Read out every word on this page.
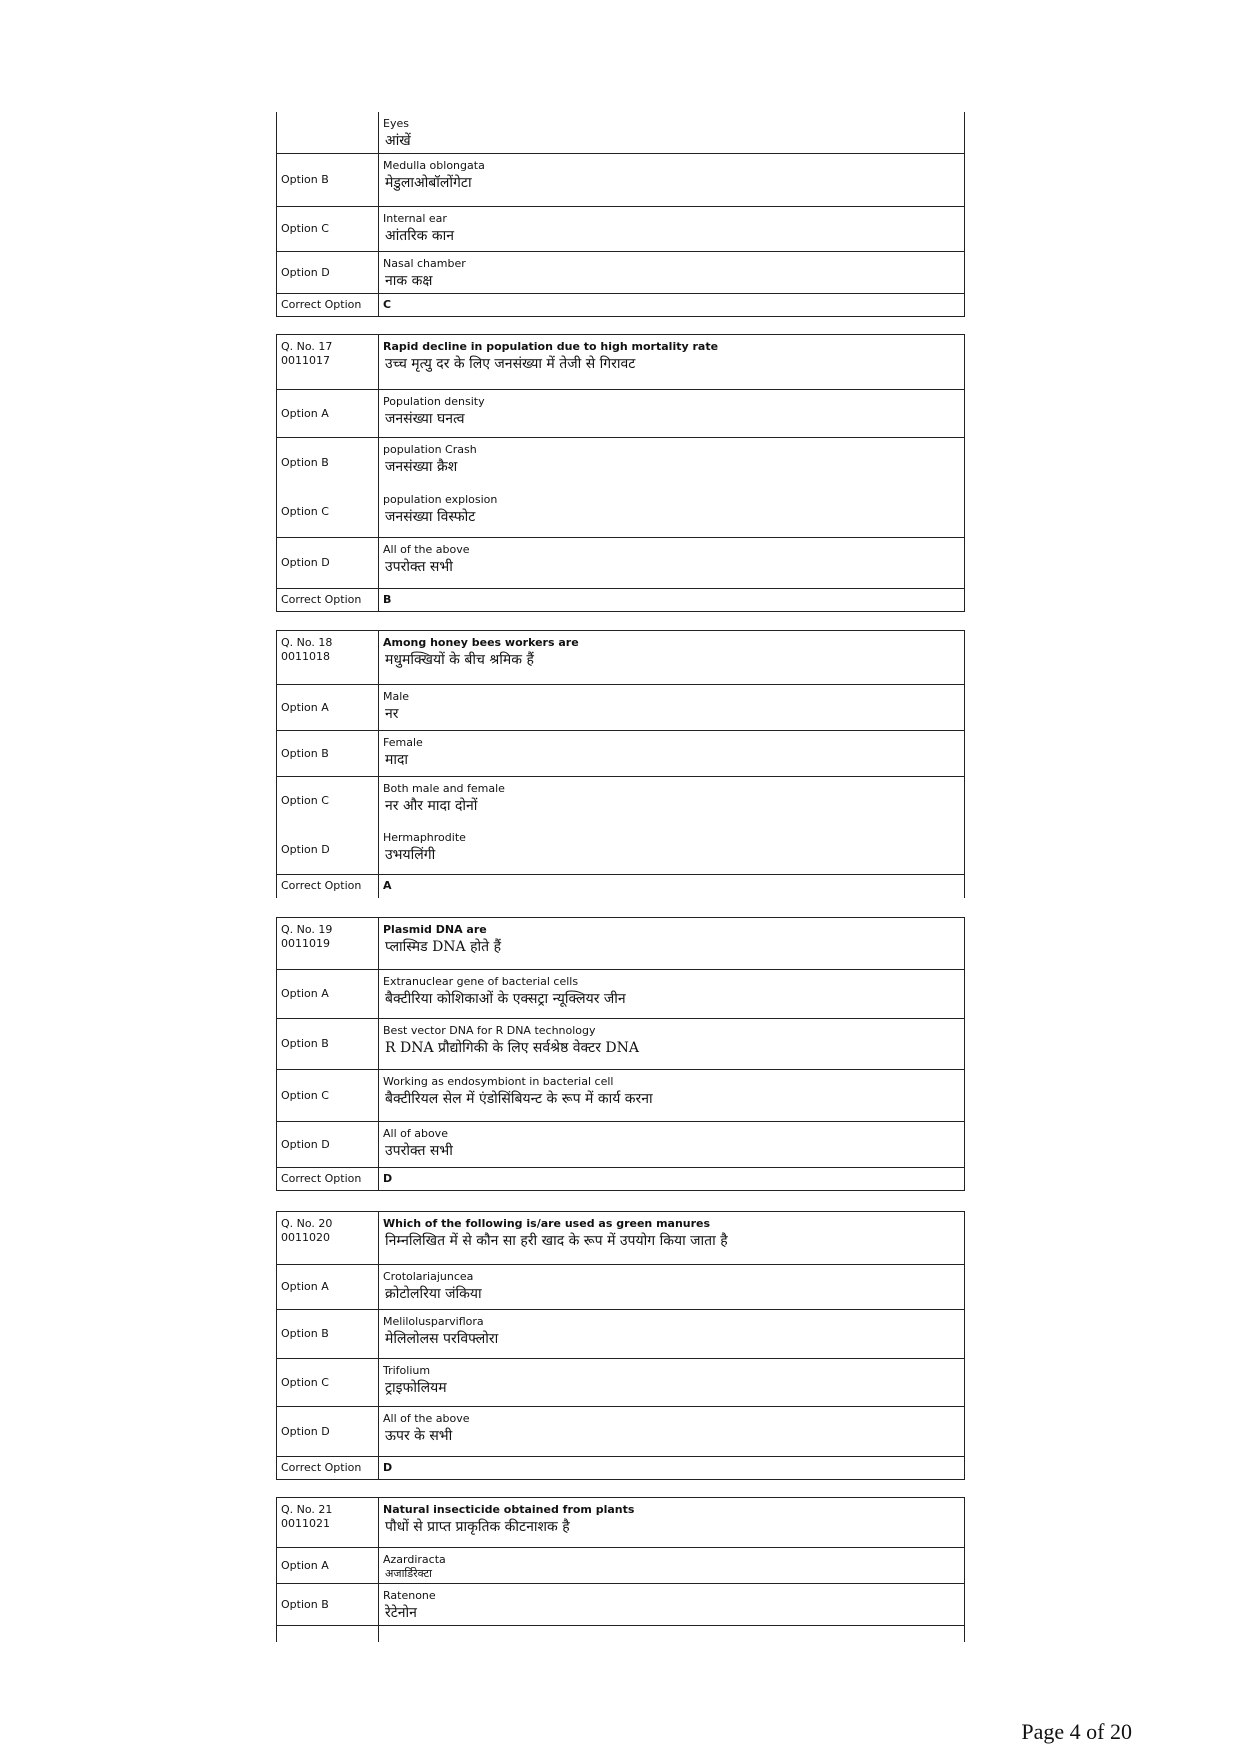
	Eyes
आंखें

Option B	Medulla oblongata
मेडुलाओबॉलोंगेटा

Option C	Internal ear
आंतरिक कान

Option D	Nasal chamber
नाक कक्ष

Correct Option	C
Q. No. 17
0011017	Rapid decline in population due to high mortality rate
उच्च मृत्यु दर के लिए जनसंख्या में तेजी से गिरावट

Option A	Population density
जनसंख्या घनत्व

Option B	population Crash
जनसंख्या क्रैश

Option C	population explosion
जनसंख्या विस्फोट

Option D	All of the above
उपरोक्त सभी

Correct Option	B
Q. No. 18
0011018	Among honey bees workers are
मधुमक्खियों के बीच श्रमिक हैं

Option A	Male
नर

Option B	Female
मादा

Option C	Both male and female
नर और मादा दोनों

Option D	Hermaphrodite
उभयलिंगी

Correct Option	A
Q. No. 19
0011019	Plasmid DNA are
प्लास्मिड DNA होते हैं

Option A	Extranuclear gene of bacterial cells
बैक्टीरिया कोशिकाओं के एक्सट्रा न्यूक्लियर जीन

Option B	Best vector DNA for R DNA technology
R DNA प्रौद्योगिकी के लिए सर्वश्रेष्ठ वेक्टर DNA

Option C	Working as endosymbiont in bacterial cell
बैक्टीरियल सेल में एंडोसिंबियन्ट के रूप में कार्य करना

Option D	All of above
उपरोक्त सभी

Correct Option	D
Q. No. 20
0011020	Which of the following is/are used as green manures
निम्नलिखित में से कौन सा हरी खाद के रूप में उपयोग किया जाता है

Option A	Crotolariajuncea
क्रोटोलरिया जंकिया

Option B	Melilolusparviflora
मेलिलोलस परविफ्लोरा

Option C	Trifolium
ट्राइफोलियम

Option D	All of the above
ऊपर के सभी

Correct Option	D
Q. No. 21
0011021	Natural insecticide obtained from plants
पौधों से प्राप्त प्राकृतिक कीटनाशक है

Option A	Azardiracta
अजार्डिरेक्टा

Option B	Ratenone
रेटेनोन

Page 4 of 20
